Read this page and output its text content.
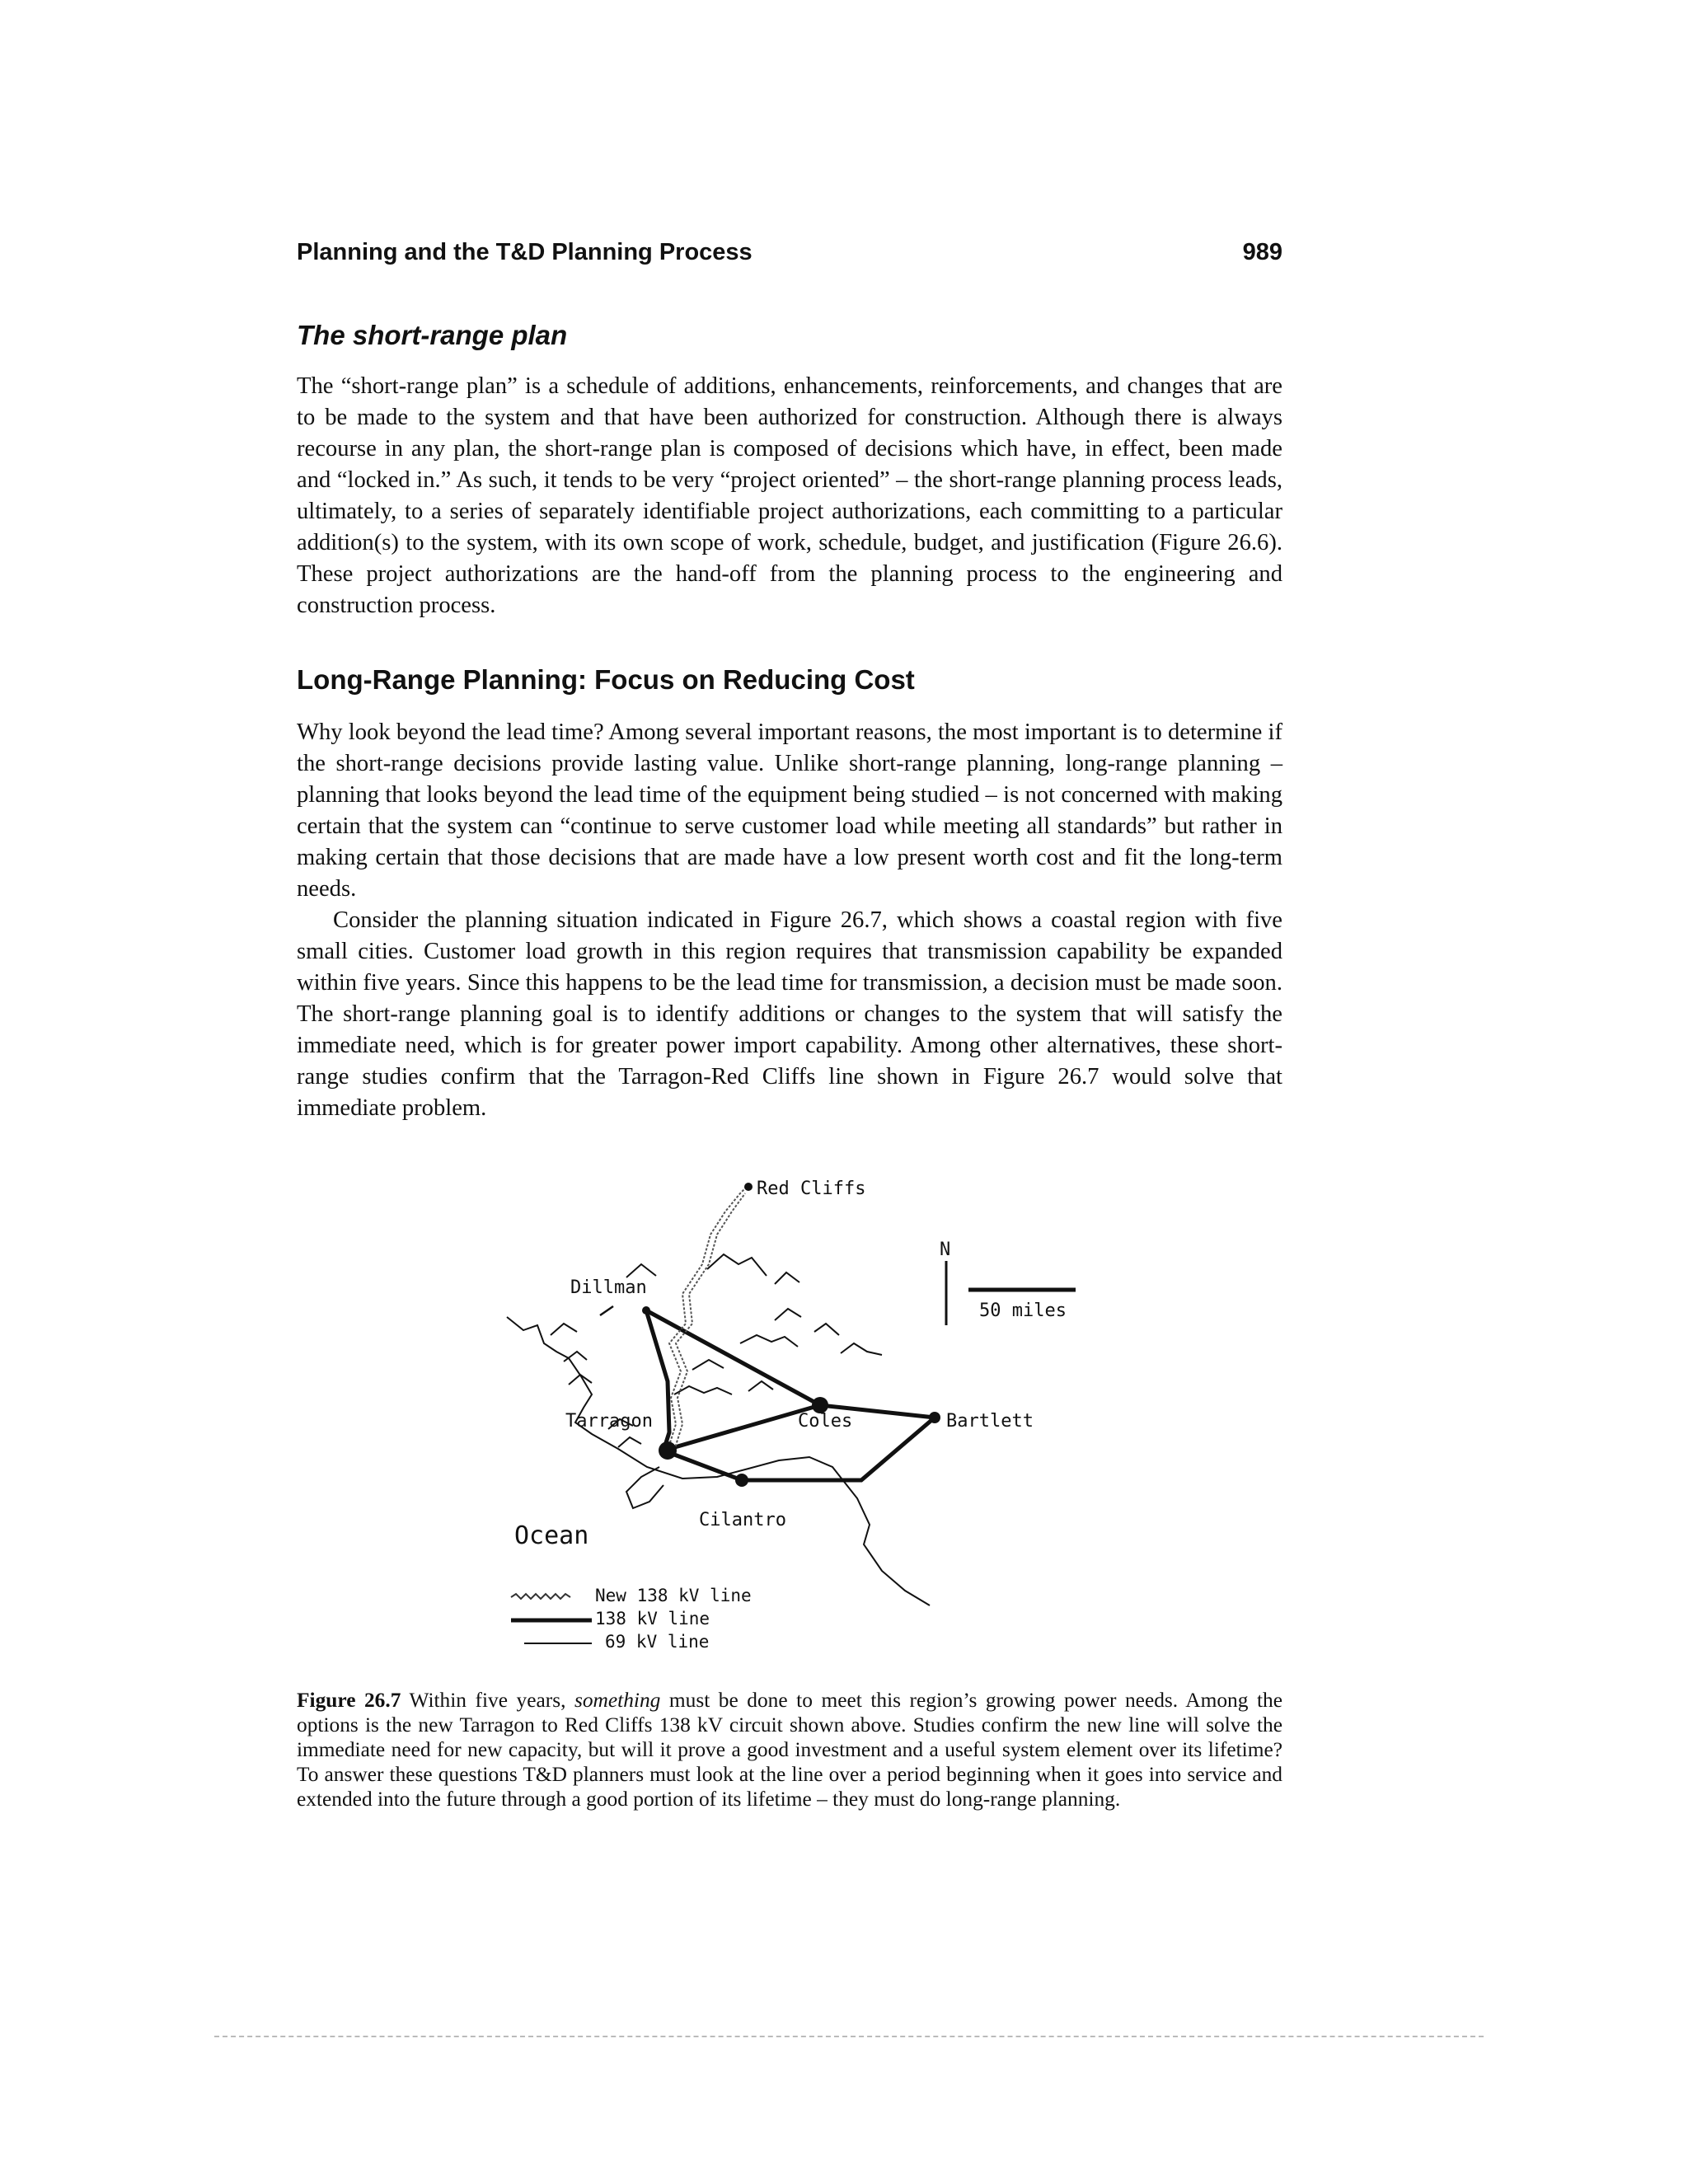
Planning and the T&D Planning Process	989
The short-range plan

The “short-range plan” is a schedule of additions, enhancements, reinforcements, and changes that are to be made to the system and that have been authorized for construction. Although there is always recourse in any plan, the short-range plan is composed of decisions which have, in effect, been made and “locked in.” As such, it tends to be very “project oriented” – the short-range planning process leads, ultimately, to a series of separately identifiable project authorizations, each committing to a particular addition(s) to the system, with its own scope of work, schedule, budget, and justification (Figure 26.6). These project authorizations are the hand-off from the planning process to the engineering and construction process.

Long-Range Planning: Focus on Reducing Cost

Why look beyond the lead time? Among several important reasons, the most important is to determine if the short-range decisions provide lasting value. Unlike short-range planning, long-range planning – planning that looks beyond the lead time of the equipment being studied – is not concerned with making certain that the system can “continue to serve customer load while meeting all standards” but rather in making certain that those decisions that are made have a low present worth cost and fit the long-term needs.

Consider the planning situation indicated in Figure 26.7, which shows a coastal region with five small cities. Customer load growth in this region requires that transmission capability be expanded within five years. Since this happens to be the lead time for transmission, a decision must be made soon. The short-range planning goal is to identify additions or changes to the system that will satisfy the immediate need, which is for greater power import capability. Among other alternatives, these short-range studies confirm that the Tarragon-Red Cliffs line shown in Figure 26.7 would solve that immediate problem.

Red Cliffs
Dillman
Tarragon	Coles	Bartlett
Cilantro
N
50 miles
Ocean
New 138 kV line
138 kV line
69 kV line

Figure 26.7 Within five years, something must be done to meet this region’s growing power needs. Among the options is the new Tarragon to Red Cliffs 138 kV circuit shown above. Studies confirm the new line will solve the immediate need for new capacity, but will it prove a good investment and a useful system element over its lifetime? To answer these questions T&D planners must look at the line over a period beginning when it goes into service and extended into the future through a good portion of its lifetime – they must do long-range planning.
